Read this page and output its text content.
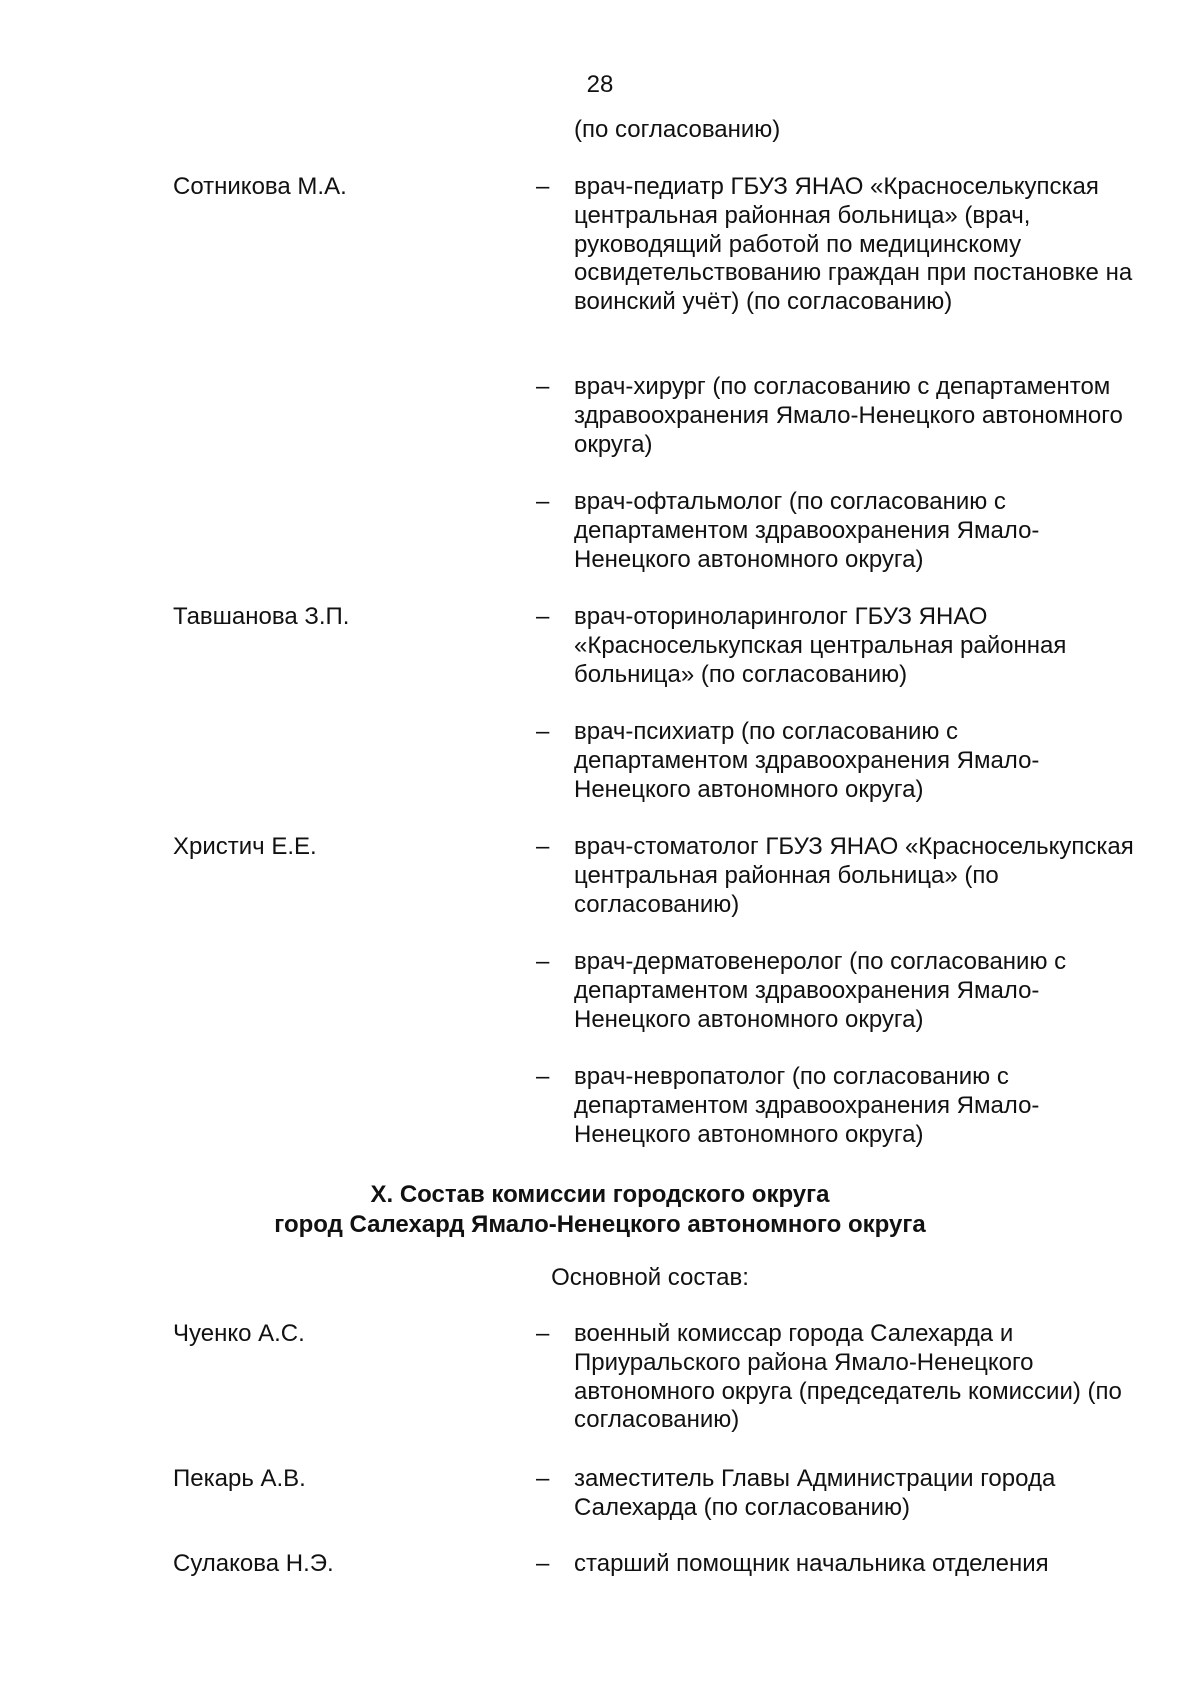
28
(по согласованию)
Сотникова М.А.	– врач-педиатр ГБУЗ ЯНАО «Красноселькупская центральная районная больница» (врач, руководящий работой по медицинскому освидетельствованию граждан при постановке на воинский учёт) (по согласованию)
– врач-хирург (по согласованию с департаментом здравоохранения Ямало-Ненецкого автономного округа)
– врач-офтальмолог (по согласованию с департаментом здравоохранения Ямало-Ненецкого автономного округа)
Тавшанова З.П.	– врач-оториноларинголог ГБУЗ ЯНАО «Красноселькупская центральная районная больница» (по согласованию)
– врач-психиатр (по согласованию с департаментом здравоохранения Ямало-Ненецкого автономного округа)
Христич Е.Е.	– врач-стоматолог ГБУЗ ЯНАО «Красноселькупская центральная районная больница» (по согласованию)
– врач-дерматовенеролог (по согласованию с департаментом здравоохранения Ямало-Ненецкого автономного округа)
– врач-невропатолог (по согласованию с департаментом здравоохранения Ямало-Ненецкого автономного округа)
X. Состав комиссии городского округа
город Салехард Ямало-Ненецкого автономного округа
Основной состав:
Чуенко А.С.	– военный комиссар города Салехарда и Приуральского района Ямало-Ненецкого автономного округа (председатель комиссии) (по согласованию)
Пекарь А.В.	– заместитель Главы Администрации города Салехарда (по согласованию)
Сулакова Н.Э.	– старший помощник начальника отделения
